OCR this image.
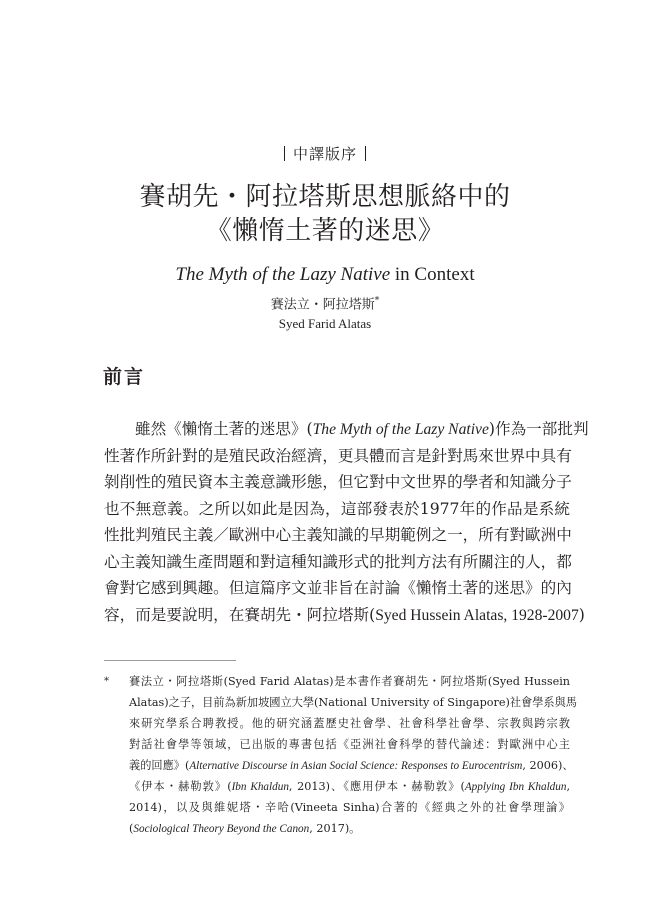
中譯版序
賽胡先・阿拉塔斯思想脈絡中的
《懶惰土著的迷思》
The Myth of the Lazy Native in Context
賽法立・阿拉塔斯*
Syed Farid Alatas
前言
雖然《懶惰土著的迷思》(The Myth of the Lazy Native)作為一部批判
性著作所針對的是殖民政治經濟，更具體而言是針對馬來世界中具有
剝削性的殖民資本主義意識形態，但它對中文世界的學者和知識分子
也不無意義。之所以如此是因為，這部發表於1977年的作品是系統
性批判殖民主義／歐洲中心主義知識的早期範例之一，所有對歐洲中
心主義知識生產問題和對這種知識形式的批判方法有所關注的人，都
會對它感到興趣。但這篇序文並非旨在討論《懶惰土著的迷思》的內
容，而是要說明，在賽胡先・阿拉塔斯(Syed Hussein Alatas, 1928-2007)
* 賽法立・阿拉塔斯(Syed Farid Alatas)是本書作者賽胡先・阿拉塔斯(Syed Hussein
Alatas)之子，目前為新加坡國立大學(National University of Singapore)社會學系與馬
來研究學系合聘教授。他的研究涵蓋歷史社會學、社會科學社會學、宗教與跨宗教
對話社會學等領域，已出版的專書包括《亞洲社會科學的替代論述：對歐洲中心主
義的回應》(Alternative Discourse in Asian Social Science: Responses to Eurocentrism, 2006)、
《伊本・赫勒敦》(Ibn Khaldun, 2013)、《應用伊本・赫勒敦》(Applying Ibn Khaldun,
2014)，以及與維妮塔・辛哈(Vineeta Sinha)合著的《經典之外的社會學理論》
(Sociological Theory Beyond the Canon, 2017)。
